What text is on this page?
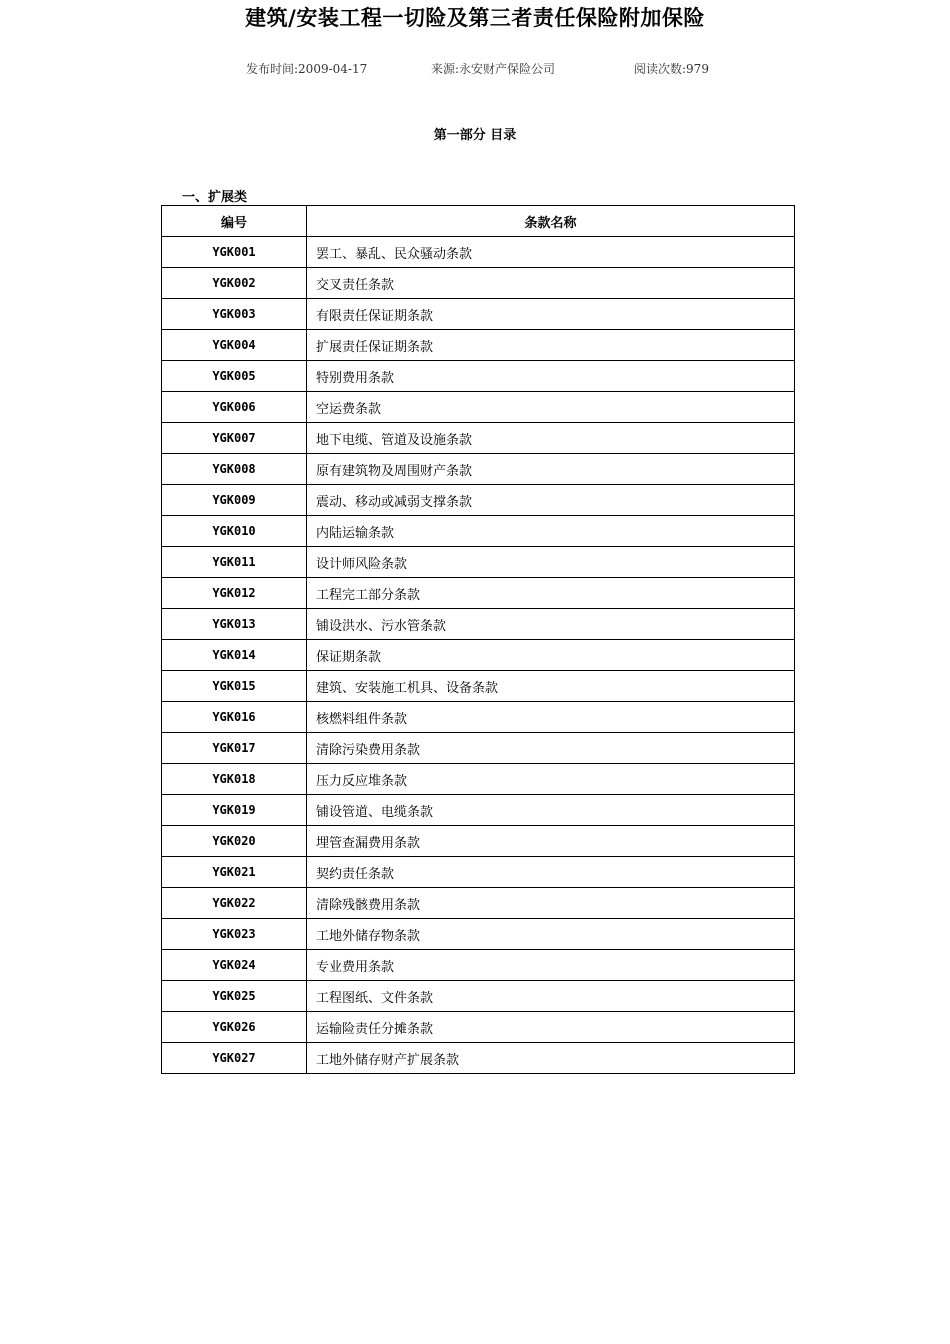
建筑/安装工程一切险及第三者责任保险附加保险
发布时间:2009-04-17	来源:永安财产保险公司	阅读次数:979
第一部分 目录
一、扩展类
编号	条款名称
YGK001	罢工、暴乱、民众骚动条款
YGK002	交叉责任条款
YGK003	有限责任保证期条款
YGK004	扩展责任保证期条款
YGK005	特别费用条款
YGK006	空运费条款
YGK007	地下电缆、管道及设施条款
YGK008	原有建筑物及周围财产条款
YGK009	震动、移动或减弱支撑条款
YGK010	内陆运输条款
YGK011	设计师风险条款
YGK012	工程完工部分条款
YGK013	铺设洪水、污水管条款
YGK014	保证期条款
YGK015	建筑、安装施工机具、设备条款
YGK016	核燃料组件条款
YGK017	清除污染费用条款
YGK018	压力反应堆条款
YGK019	铺设管道、电缆条款
YGK020	埋管查漏费用条款
YGK021	契约责任条款
YGK022	清除残骸费用条款
YGK023	工地外储存物条款
YGK024	专业费用条款
YGK025	工程图纸、文件条款
YGK026	运输险责任分摊条款
YGK027	工地外储存财产扩展条款
